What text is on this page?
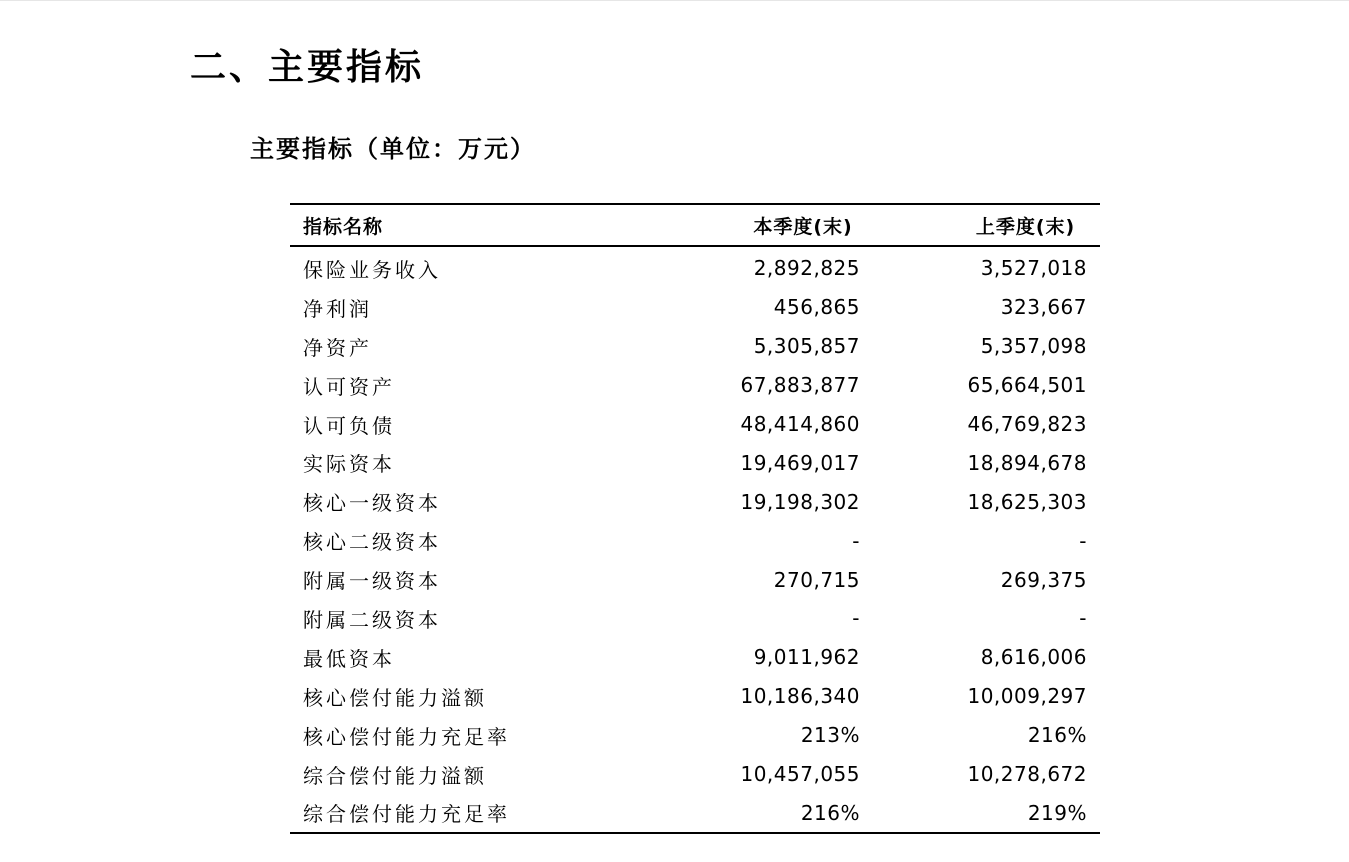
二、主要指标
主要指标（单位：万元）
指标名称	本季度(末)	上季度(末)
保险业务收入	2,892,825	3,527,018
净利润	456,865	323,667
净资产	5,305,857	5,357,098
认可资产	67,883,877	65,664,501
认可负债	48,414,860	46,769,823
实际资本	19,469,017	18,894,678
核心一级资本	19,198,302	18,625,303
核心二级资本	-	-
附属一级资本	270,715	269,375
附属二级资本	-	-
最低资本	9,011,962	8,616,006
核心偿付能力溢额	10,186,340	10,009,297
核心偿付能力充足率	213%	216%
综合偿付能力溢额	10,457,055	10,278,672
综合偿付能力充足率	216%	219%
